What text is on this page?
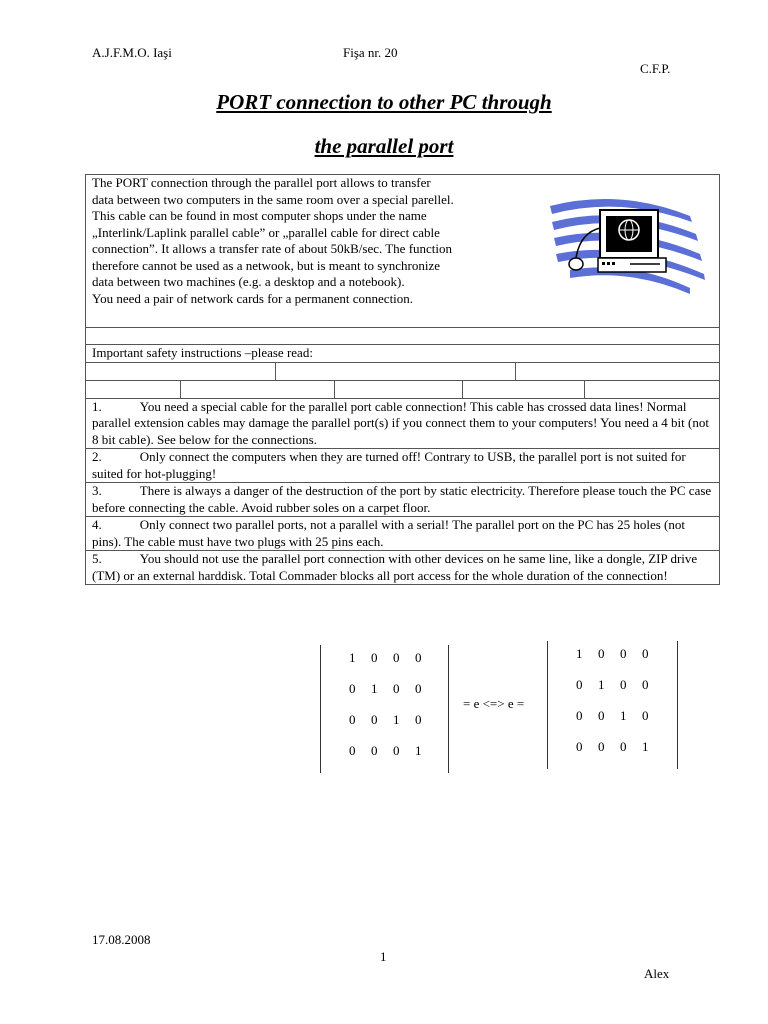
A.J.F.M.O. Iaşi	Fişa nr. 20
C.F.P.
PORT connection to other PC through
the parallel port
The PORT connection through the parallel port allows to transfer
data between two computers in the same room over a special parellel.
This cable can be found in most computer shops under the name
„Interlink/Laplink parallel cable” or „parallel cable for direct cable
connection”. It allows a transfer rate of about 50kB/sec. The function
therefore cannot be used as a netwook, but is meant to synchronize
data between two machines (e.g. a desktop and a notebook).
You need a pair of network cards for a permanent connection.

Important safety instructions –please read:

1.	You need a special cable for the parallel port cable connection! This cable has crossed data lines! Normal parallel extension cables may damage the parallel port(s) if you connect them to your computers! You need a 4 bit (not 8 bit cable). See below for the connections.
2.	Only connect the computers when they are turned off! Contrary to USB, the parallel port is not suited for suited for hot-plugging!
3.	There is always a danger of the destruction of the port by static electricity. Therefore please touch the PC case before connecting the cable. Avoid rubber soles on a carpet floor.
4.	Only connect two parallel ports, not a parallel with a serial! The parallel port on the PC has 25 holes (not pins). The cable must have two plugs with 25 pins each.
5.	You should not use the parallel port connection with other devices on he same line, like a dongle, ZIP drive (TM) or an external harddisk. Total Commader blocks all port access for the whole duration of the connection!
1 0 0 0
0 1 0 0
0 0 1 0
0 0 0 1
= e <=> e =
1 0 0 0
0 1 0 0
0 0 1 0
0 0 0 1
17.08.2008
1
Alex
